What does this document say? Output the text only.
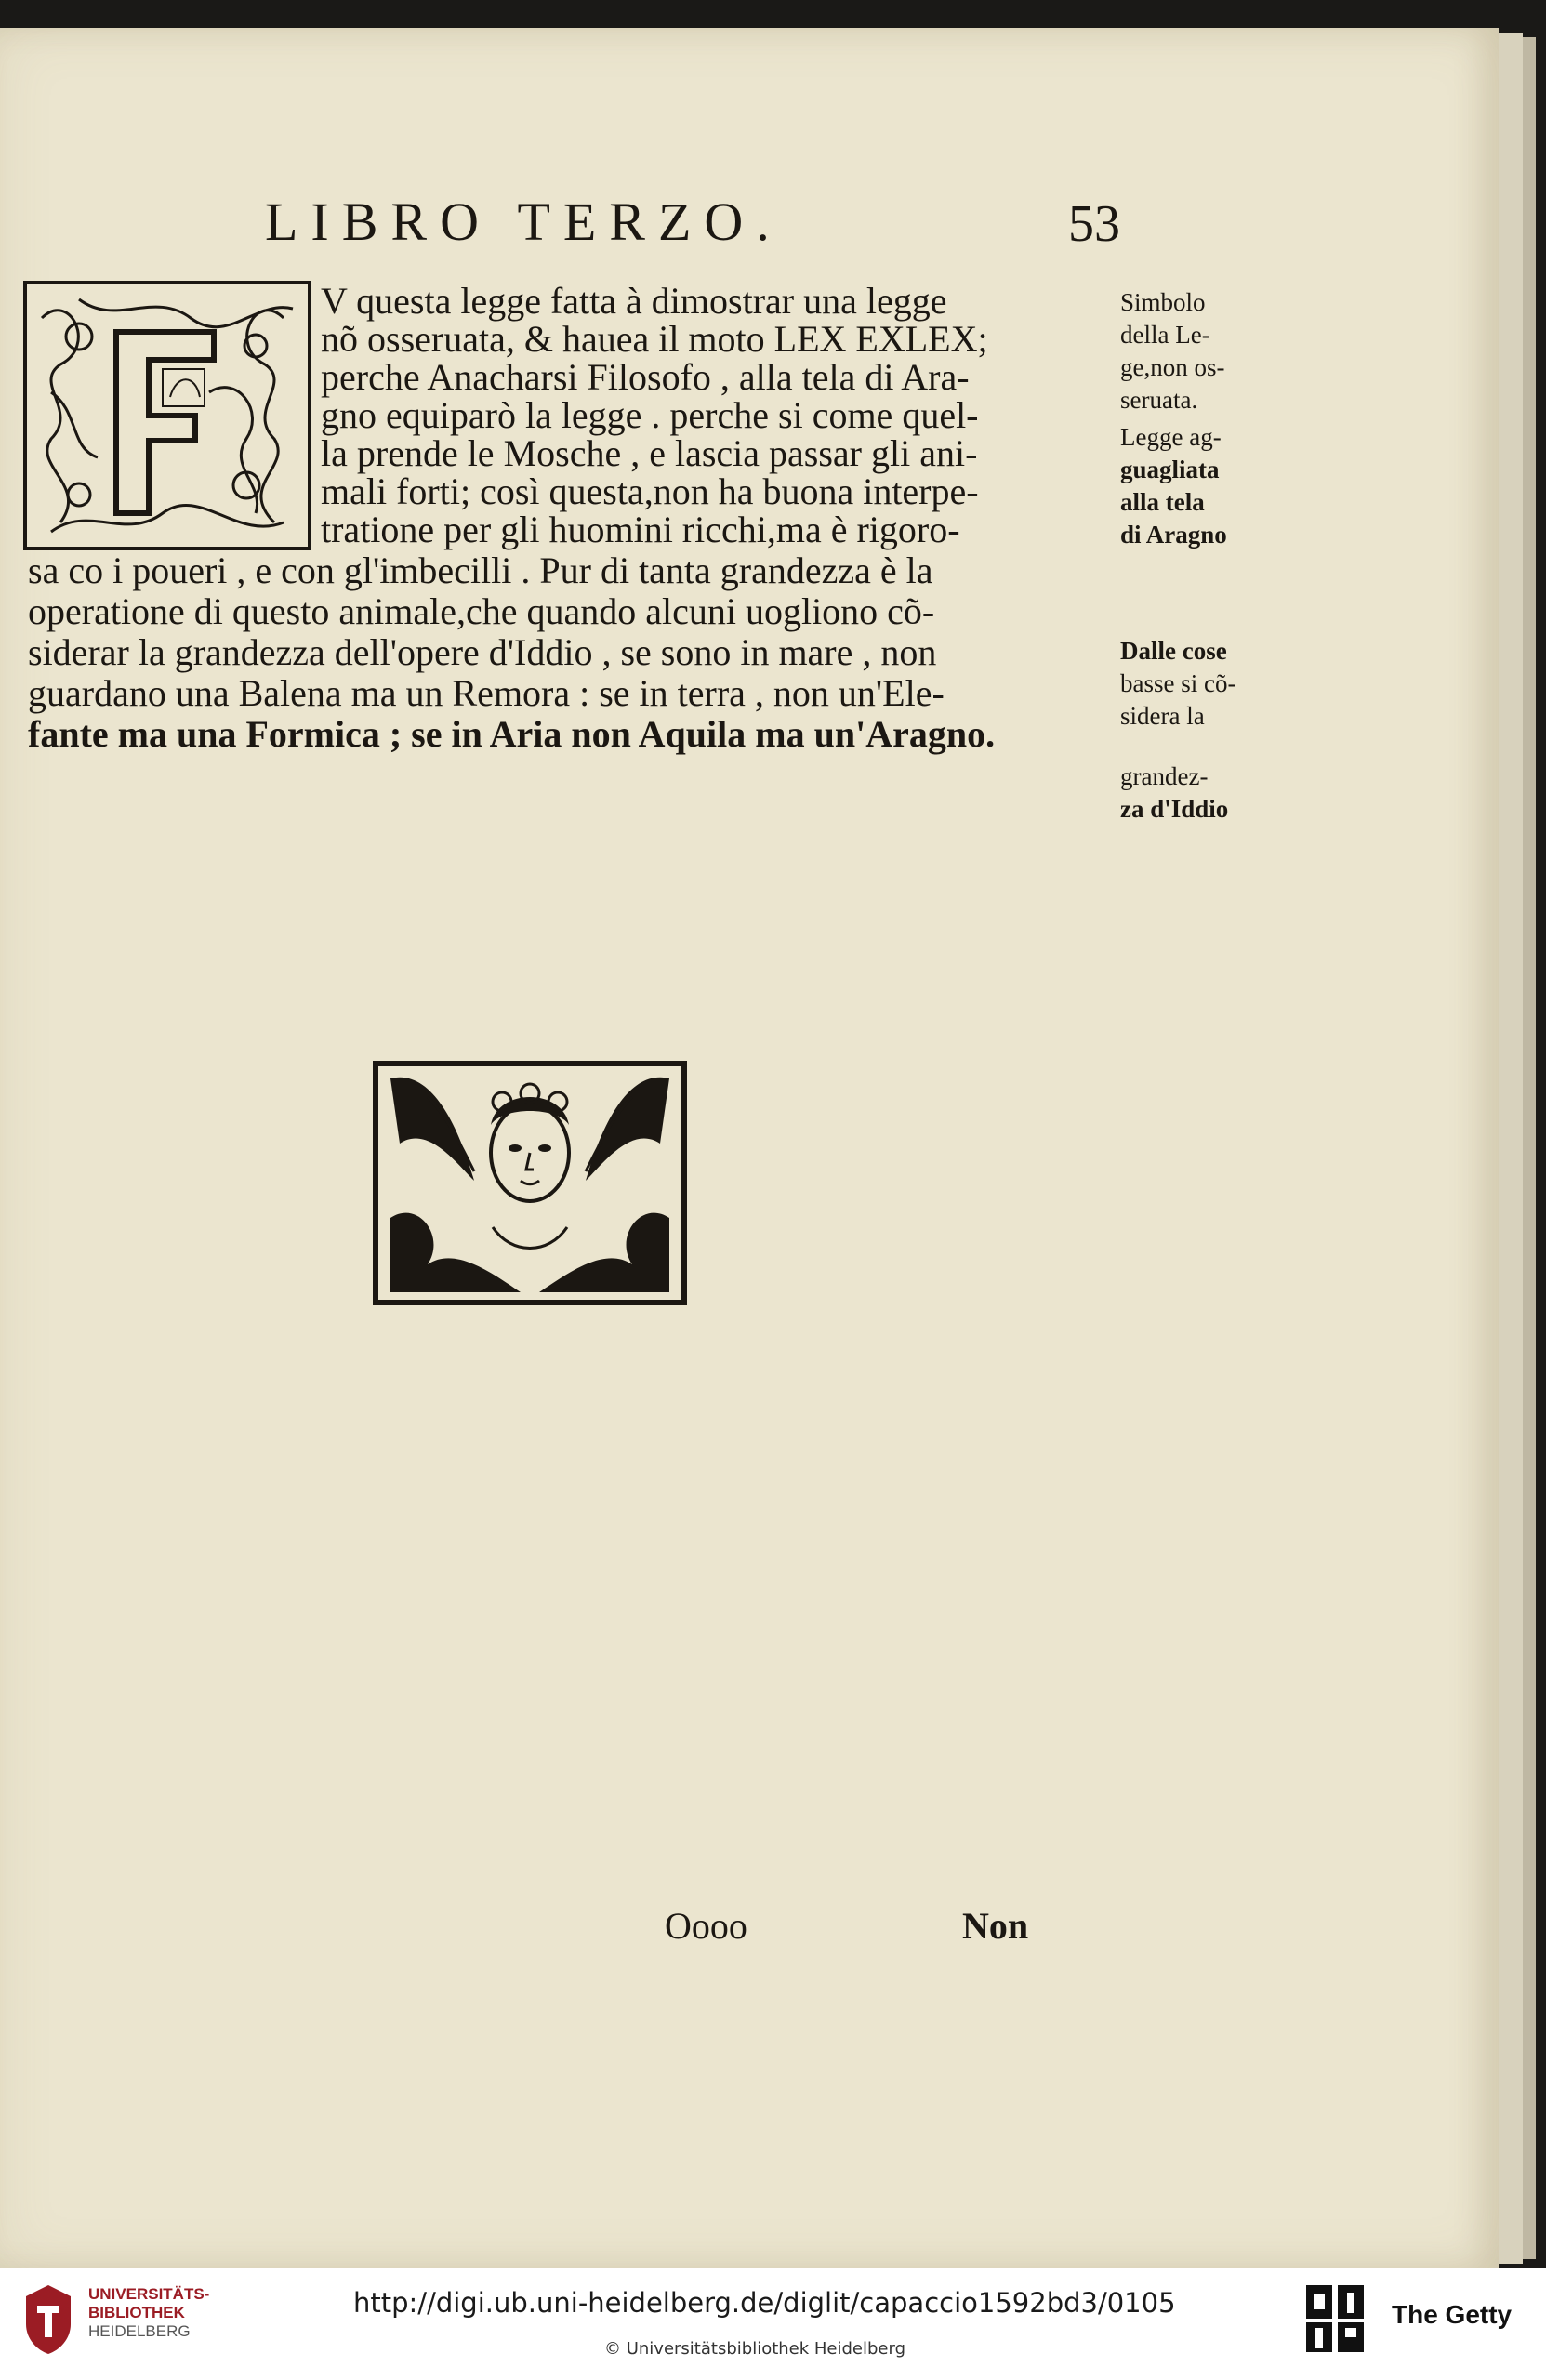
LIBRO TERZO.	53
V questa legge fatta à dimostrar una legge
nõ osseruata, & hauea il moto LEX EXLEX;
perche Anacharsi Filosofo , alla tela di Ara-
gno equiparò la legge . perche si come quel-
la prende le Mosche , e lascia passar gli ani-
mali forti; così questa,non ha buona interpe-
tratione per gli huomini ricchi,ma è rigoro-
sa co i poueri , e con gl'imbecilli . Pur di tanta grandezza è la
operatione di questo animale,che quando alcuni uogliono cõ-
siderar la grandezza dell'opere d'Iddio , se sono in mare , non
guardano una Balena ma un Remora : se in terra , non un'Ele-
fante ma una Formica ; se in Aria non Aquila ma un'Aragno.
Simbolo
della Le-
ge,non os-
seruata.
Legge ag-
guagliata
alla tela
di Aragno
Dalle cose
basse si cõ-
sidera la
grandez-
za d'Iddio
Oooo	Non
UNIVERSITÄTS-
BIBLIOTHEK
HEIDELBERG
http://digi.ub.uni-heidelberg.de/diglit/capaccio1592bd3/0105
© Universitätsbibliothek Heidelberg
The Getty
